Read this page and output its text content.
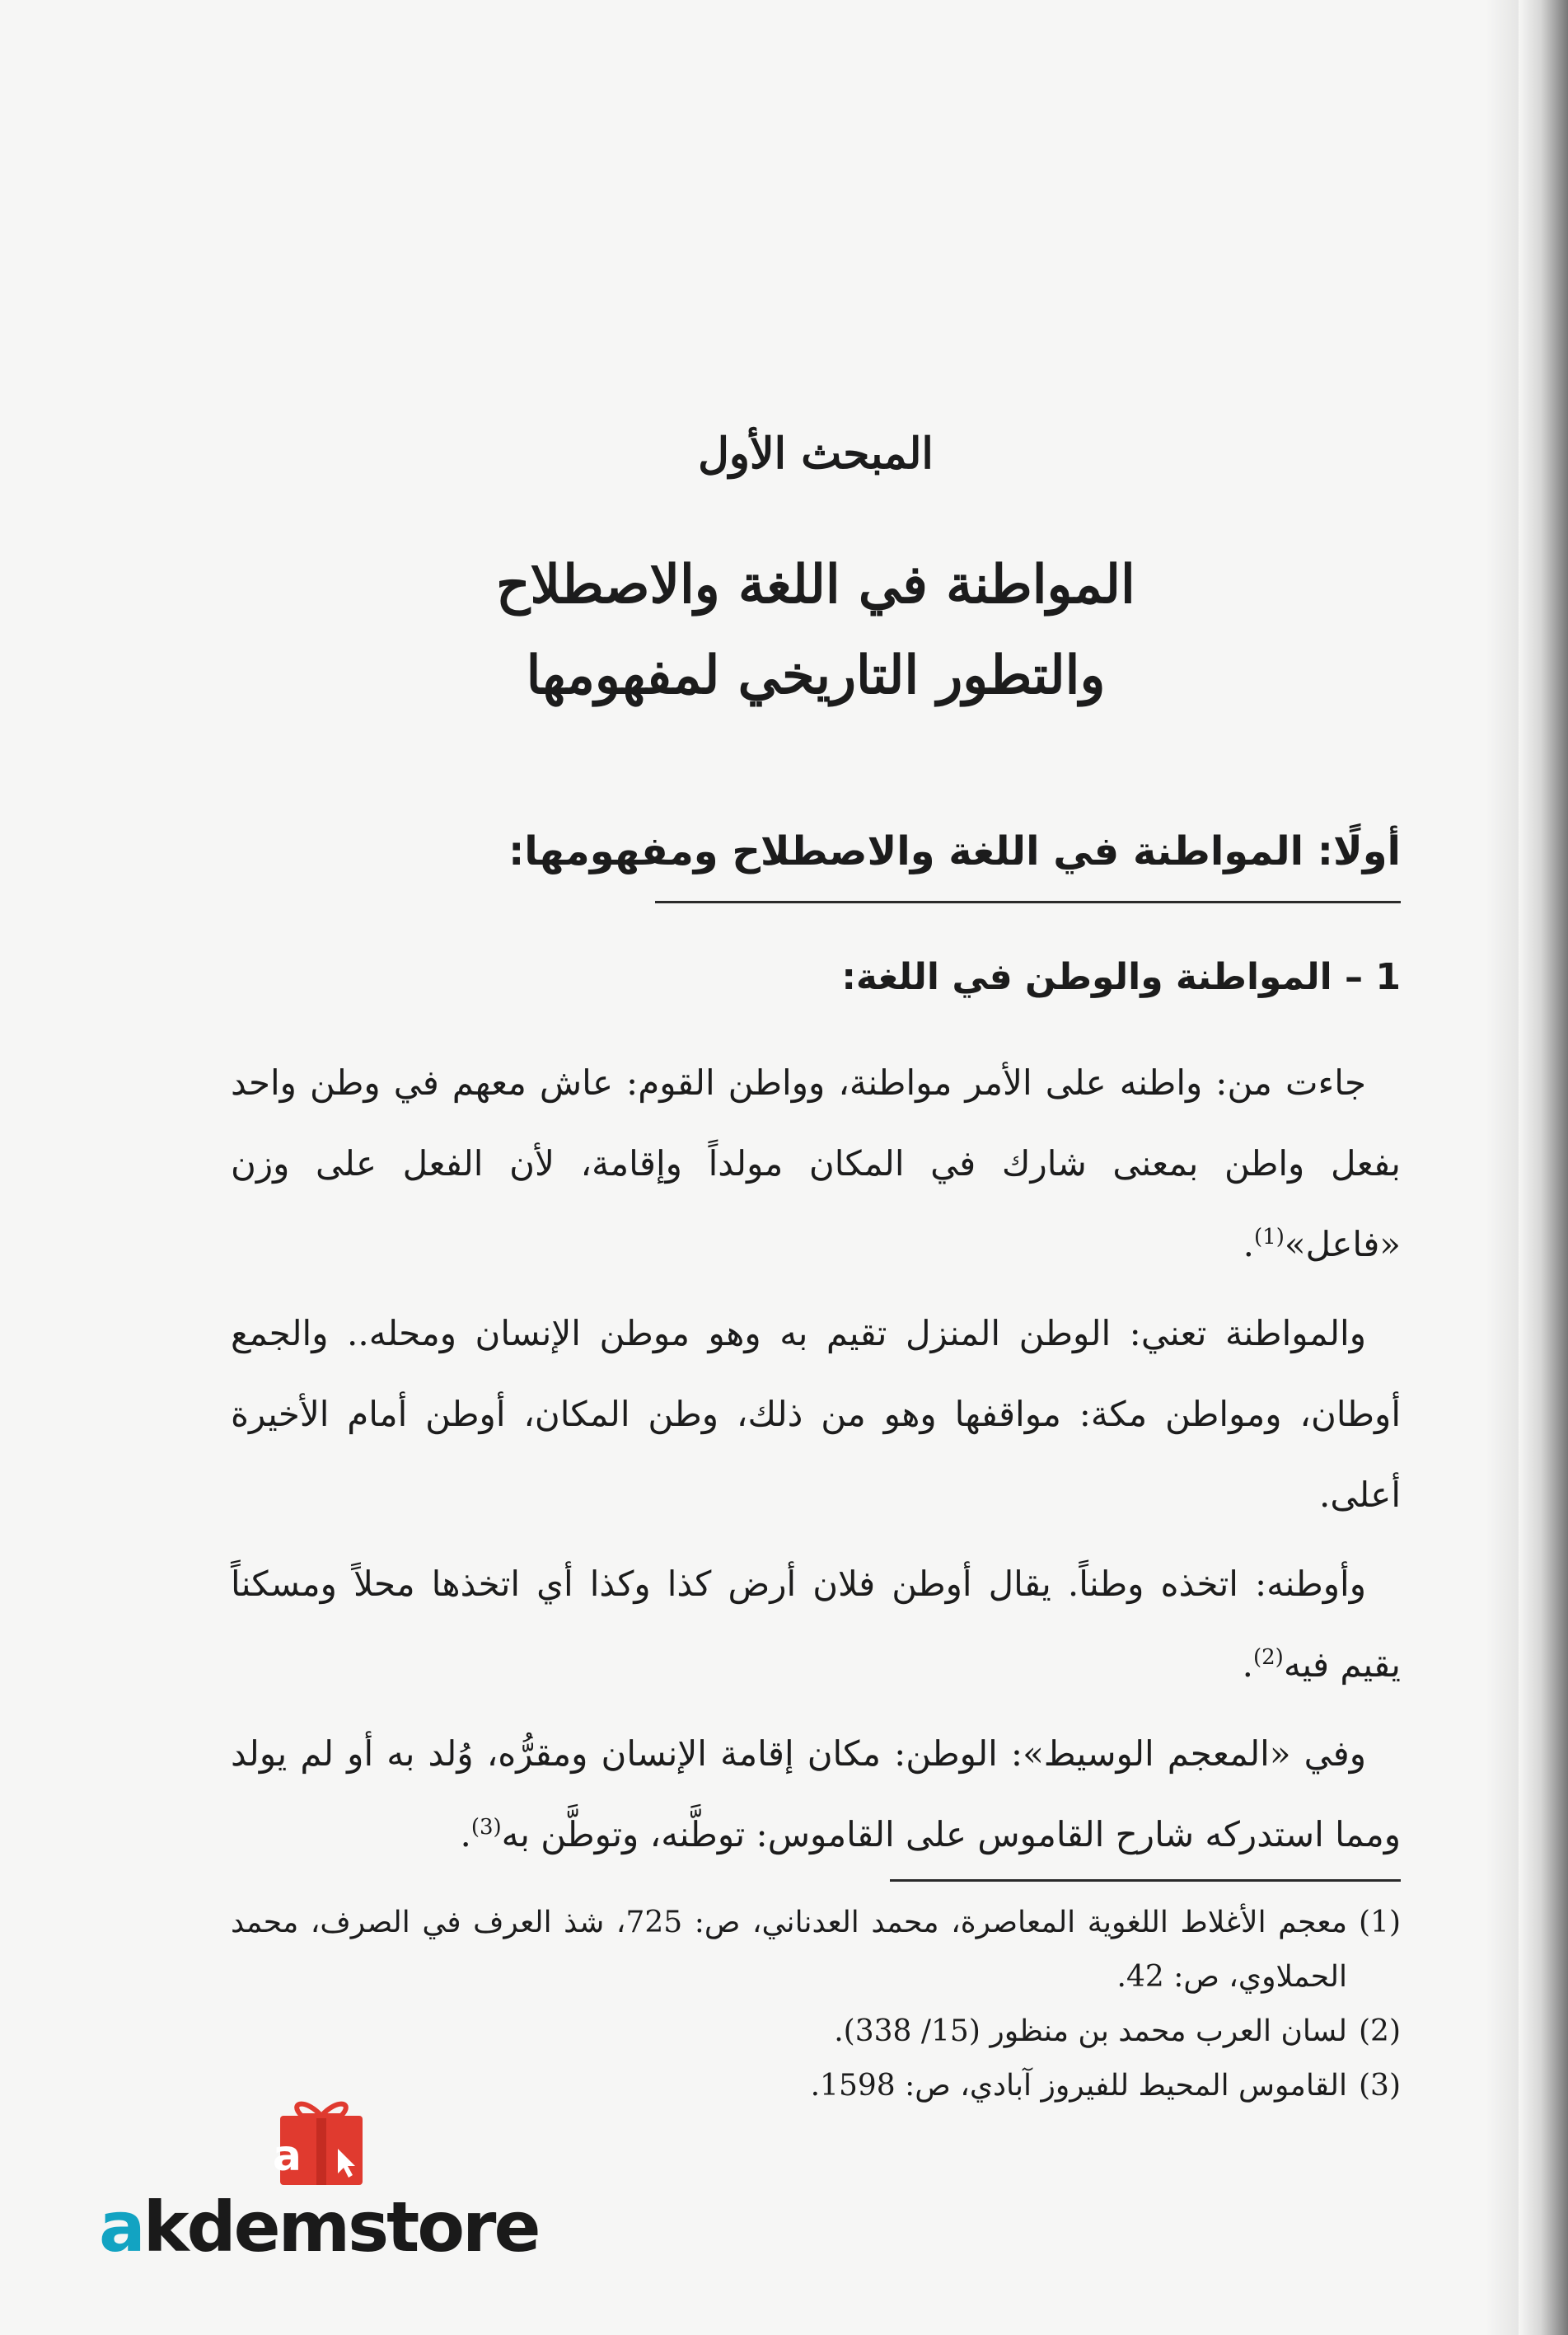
المبحث الأول
المواطنة في اللغة والاصطلاح
والتطور التاريخي لمفهومها
أولًا: المواطنة في اللغة والاصطلاح ومفهومها:
1 – المواطنة والوطن في اللغة:

جاءت من: واطنه على الأمر مواطنة، وواطن القوم: عاش معهم في وطن واحد بفعل واطن بمعنى شارك في المكان مولداً وإقامة، لأن الفعل على وزن «فاعل»$^{(1)}$.

والمواطنة تعني: الوطن المنزل تقيم به وهو موطن الإنسان ومحله.. والجمع أوطان، ومواطن مكة: مواقفها وهو من ذلك، وطن المكان، أوطن أمام الأخيرة أعلى.

وأوطنه: اتخذه وطناً. يقال أوطن فلان أرض كذا وكذا أي اتخذها محلاً ومسكناً يقيم فيه$^{(2)}$.

وفي «المعجم الوسيط»: الوطن: مكان إقامة الإنسان ومقرُّه، وُلد به أو لم يولد ومما استدركه شارح القاموس على القاموس: توطَّنه، وتوطَّن به$^{(3)}$.

(1)
معجم الأغلاط اللغوية المعاصرة، محمد العدناني، ص: 725، شذ العرف في الصرف، محمد الحملاوي، ص: 42.
(2)
لسان العرب محمد بن منظور (15/ 338).
(3)
القاموس المحيط للفيروز آبادي، ص: 1598.
a
akdemstore
